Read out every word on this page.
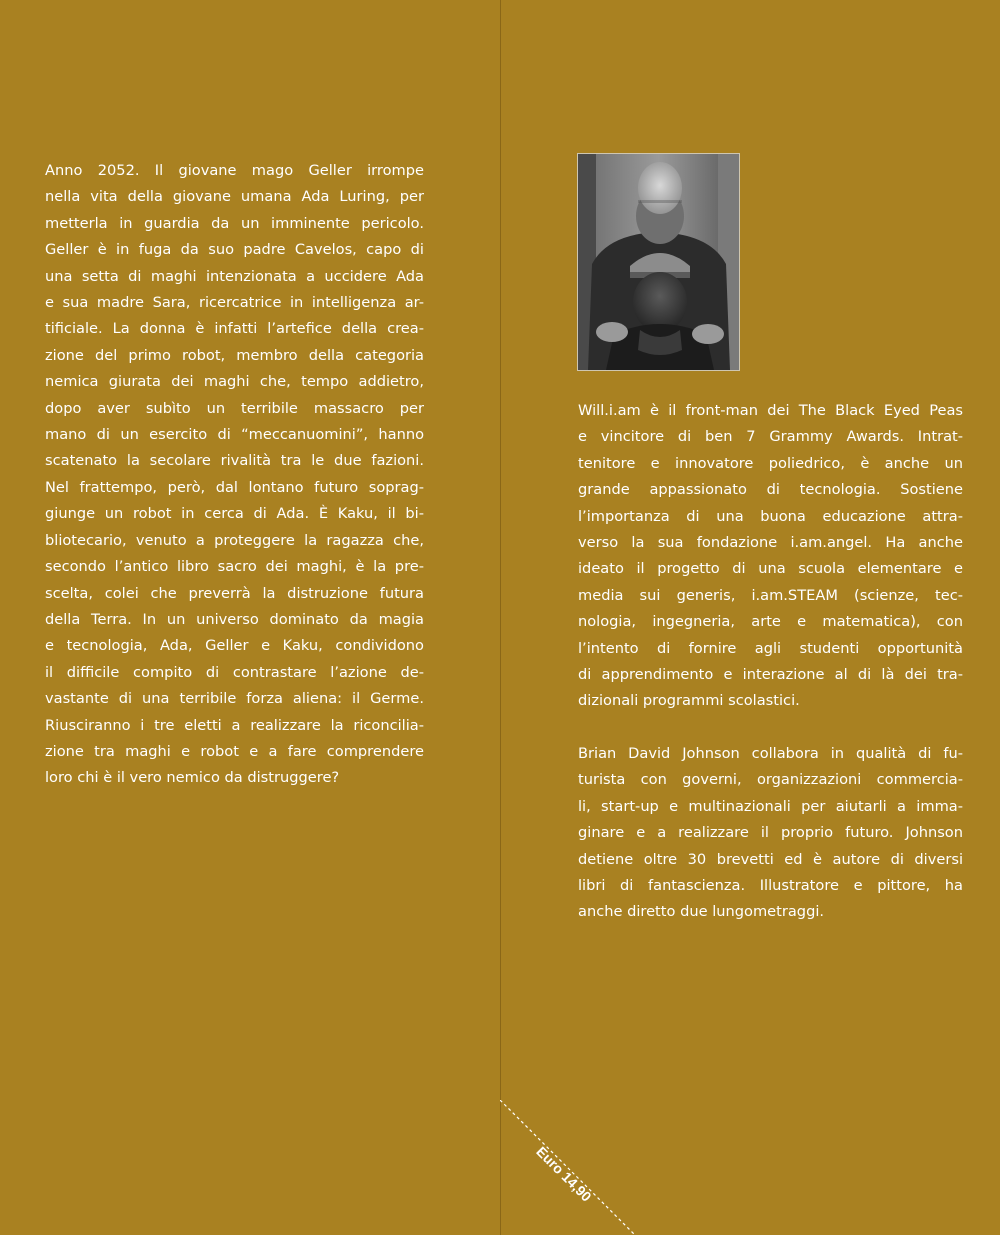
Anno 2052. Il giovane mago Geller irrompe
nella vita della giovane umana Ada Luring, per
metterla in guardia da un imminente pericolo.
Geller è in fuga da suo padre Cavelos, capo di
una setta di maghi intenzionata a uccidere Ada
e sua madre Sara, ricercatrice in intelligenza ar-
tificiale. La donna è infatti l’artefice della crea-
zione del primo robot, membro della categoria
nemica giurata dei maghi che, tempo addietro,
dopo aver subìto un terribile massacro per
mano di un esercito di “meccanuomini”, hanno
scatenato la secolare rivalità tra le due fazioni.
Nel frattempo, però, dal lontano futuro soprag-
giunge un robot in cerca di Ada. È Kaku, il bi-
bliotecario, venuto a proteggere la ragazza che,
secondo l’antico libro sacro dei maghi, è la pre-
scelta, colei che preverrà la distruzione futura
della Terra. In un universo dominato da magia
e tecnologia, Ada, Geller e Kaku, condividono
il difficile compito di contrastare l’azione de-
vastante di una terribile forza aliena: il Germe.
Riusciranno i tre eletti a realizzare la riconcilia-
zione tra maghi e robot e a fare comprendere
loro chi è il vero nemico da distruggere?

Will.i.am è il front-man dei The Black Eyed Peas
e vincitore di ben 7 Grammy Awards. Intrat-
tenitore e innovatore poliedrico, è anche un
grande appassionato di tecnologia. Sostiene
l’importanza di una buona educazione attra-
verso la sua fondazione i.am.angel. Ha anche
ideato il progetto di una scuola elementare e
media sui generis, i.am.STEAM (scienze, tec-
nologia, ingegneria, arte e matematica), con
l’intento di fornire agli studenti opportunità
di apprendimento e interazione al di là dei tra-
dizionali programmi scolastici.

Brian David Johnson collabora in qualità di fu-
turista con governi, organizzazioni commercia-
li, start-up e multinazionali per aiutarli a imma-
ginare e a realizzare il proprio futuro. Johnson
detiene oltre 30 brevetti ed è autore di diversi
libri di fantascienza. Illustratore e pittore, ha
anche diretto due lungometraggi.

Euro 14,90
